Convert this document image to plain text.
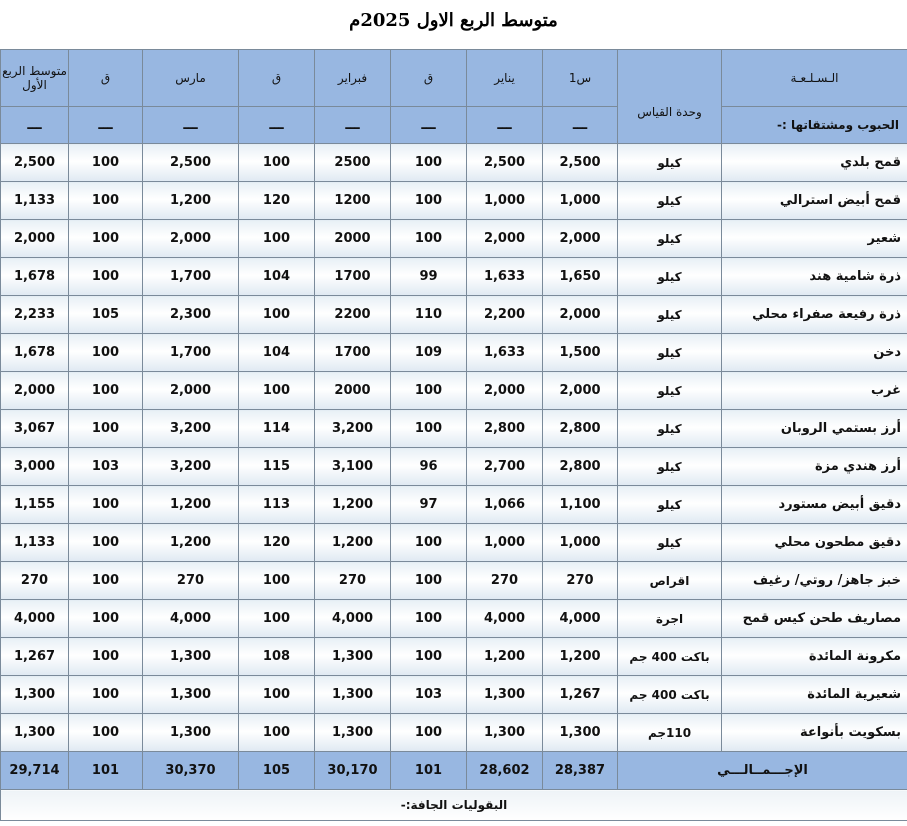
متوسط الربع الاول 2025م
الـسـلـعـة	وحدة القياس	س1	يناير	ق	فبراير	ق	مارس	ق	متوسط الربع الأول

الحبوب ومشتقاتها :-		ـــ	ـــ	ـــ	ـــ	ـــ	ـــ	ـــ	ـــ
قمح بلدي	كيلو	2,500	2,500	100	2500	100	2,500	100	2,500
قمح أبيض استرالي	كيلو	1,000	1,000	100	1200	120	1,200	100	1,133
شعير	كيلو	2,000	2,000	100	2000	100	2,000	100	2,000
ذرة شامية هند	كيلو	1,650	1,633	99	1700	104	1,700	100	1,678
ذرة رفيعة صفراء محلي	كيلو	2,000	2,200	110	2200	100	2,300	105	2,233
دخن	كيلو	1,500	1,633	109	1700	104	1,700	100	1,678
غرب	كيلو	2,000	2,000	100	2000	100	2,000	100	2,000
أرز بستمي الروبان	كيلو	2,800	2,800	100	3,200	114	3,200	100	3,067
أرز هندي مزة	كيلو	2,800	2,700	96	3,100	115	3,200	103	3,000
دقيق أبيض مستورد	كيلو	1,100	1,066	97	1,200	113	1,200	100	1,155
دقيق مطحون محلي	كيلو	1,000	1,000	100	1,200	120	1,200	100	1,133
خبز جاهز/ روتي/ رغيف	اقراص	270	270	100	270	100	270	100	270
مصاريف طحن كيس قمح	اجرة	4,000	4,000	100	4,000	100	4,000	100	4,000
مكرونة المائدة	باكت 400 جم	1,200	1,200	100	1,300	108	1,300	100	1,267
شعيرية المائدة	باكت 400 جم	1,267	1,300	103	1,300	100	1,300	100	1,300
بسكويت بأنواعة	110جم	1,300	1,300	100	1,300	100	1,300	100	1,300
الإجـــمــالـــي		28,387	28,602	101	30,170	105	30,370	101	29,714
البقوليات الجافة:-									
